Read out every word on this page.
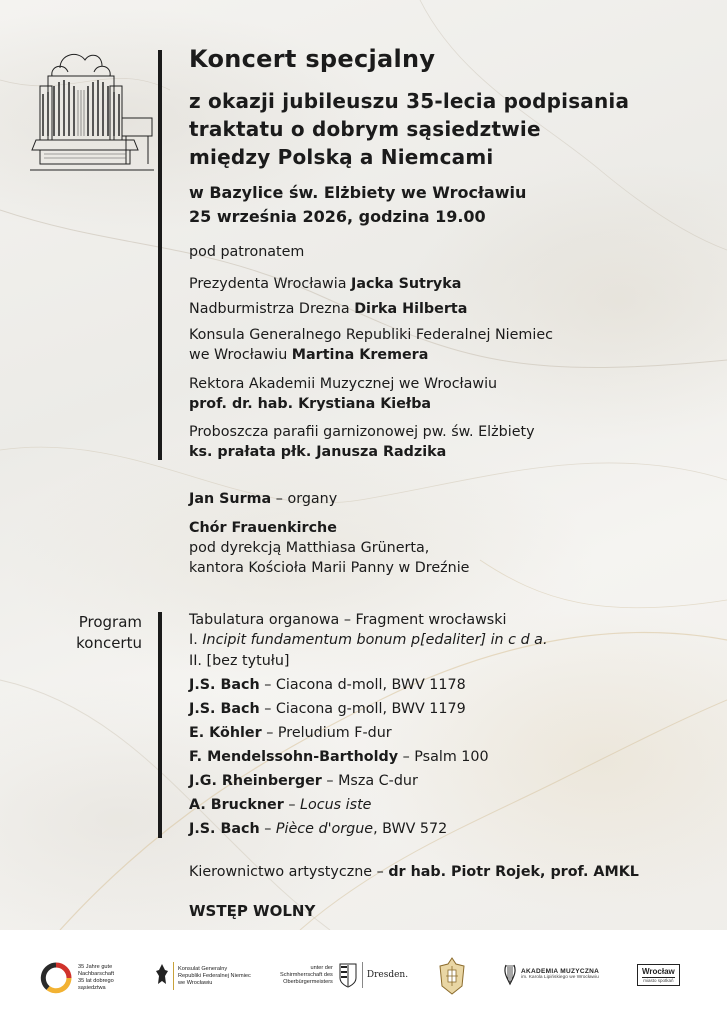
Koncert specjalny
z okazji jubileuszu 35-lecia podpisania
traktatu o dobrym sąsiedztwie
między Polską a Niemcami
w Bazylice św. Elżbiety we Wrocławiu
25 września 2026, godzina 19.00
pod patronatem
Prezydenta Wrocławia Jacka Sutryka
Nadburmistrza Drezna Dirka Hilberta
Konsula Generalnego Republiki Federalnej Niemiec
we Wrocławiu Martina Kremera
Rektora Akademii Muzycznej we Wrocławiu
prof. dr. hab. Krystiana Kiełba
Proboszcza parafii garnizonowej pw. św. Elżbiety
ks. prałata płk. Janusza Radzika
Jan Surma – organy
Chór Frauenkirche
pod dyrekcją Matthiasa Grünerta,
kantora Kościoła Marii Panny w Dreźnie
Program
koncertu
Tabulatura organowa – Fragment wrocławski
I. Incipit fundamentum bonum p[edaliter] in c d a.
II. [bez tytułu]
J.S. Bach – Ciacona d-moll, BWV 1178
J.S. Bach – Ciacona g-moll, BWV 1179
E. Köhler – Preludium F-dur
F. Mendelssohn-Bartholdy – Psalm 100
J.G. Rheinberger – Msza C-dur
A. Bruckner – Locus iste
J.S. Bach – Pièce d'orgue, BWV 572
Kierownictwo artystyczne – dr hab. Piotr Rojek, prof. AMKL
WSTĘP WOLNY
35 Jahre gute
Nachbarschaft
35 lat dobrego
sąsiedztwa
Konsulat Generalny
Republiki Federalnej Niemiec
we Wrocławiu
unter der
Schirmherrschaft des
Oberbürgermeisters
Dresden.	AKADEMIA MUZYCZNA
im. Karola Lipińskiego we Wrocławiu
Wrocław
miasto spotkań
